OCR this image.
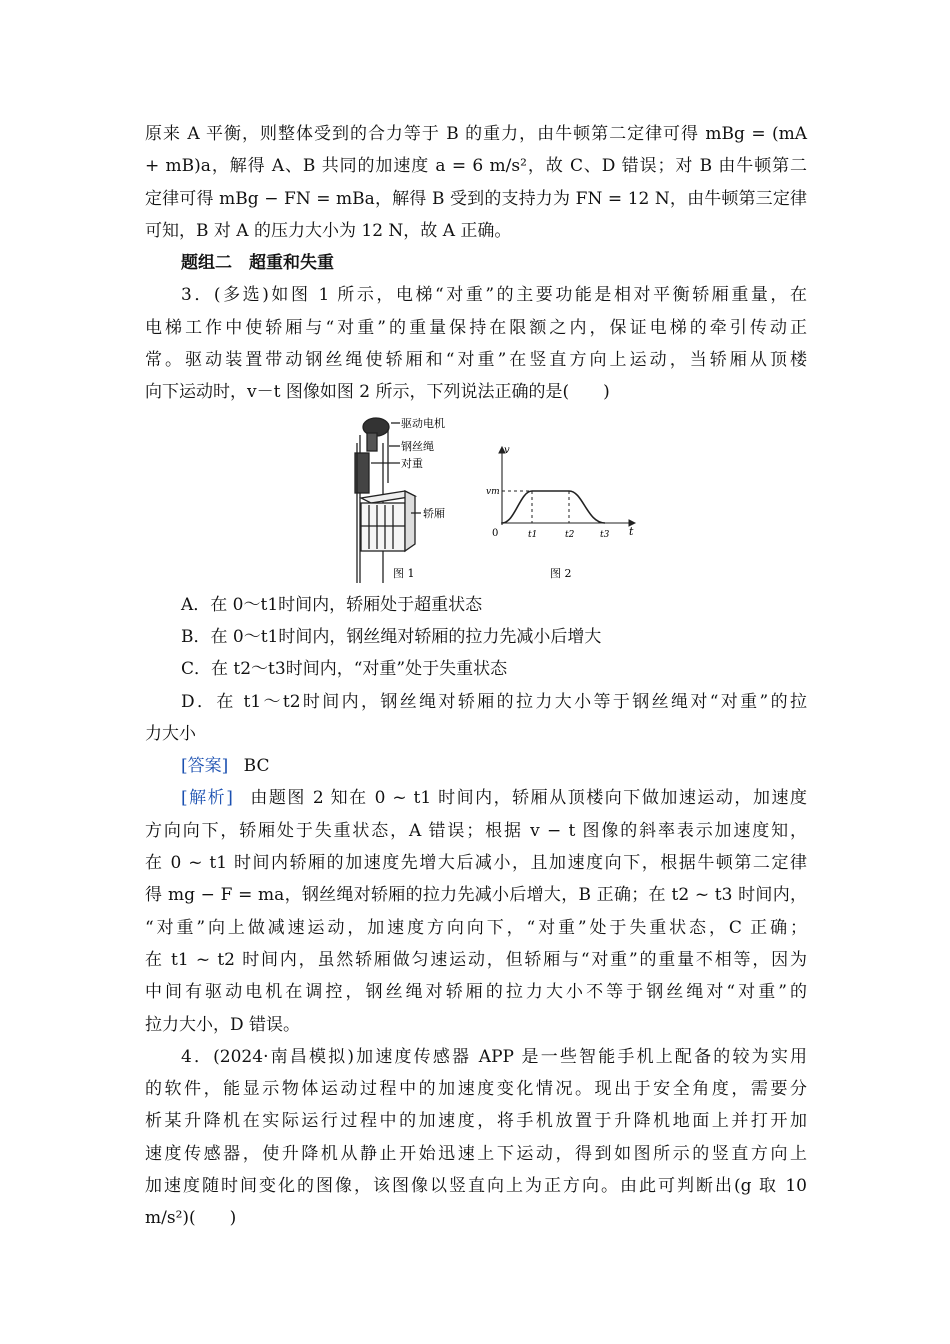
原来 A 平衡，则整体受到的合力等于 B 的重力，由牛顿第二定律可得 mBg = (mA
+ mB)a，解得 A、B 共同的加速度 a = 6 m/s²，故 C、D 错误；对 B 由牛顿第二
定律可得 mBg − FN = mBa，解得 B 受到的支持力为 FN = 12 N，由牛顿第三定律
可知，B 对 A 的压力大小为 12 N，故 A 正确。
题组二　超重和失重
3．(多选)如图 1 所示，电梯“对重”的主要功能是相对平衡轿厢重量，在
电梯工作中使轿厢与“对重”的重量保持在限额之内，保证电梯的牵引传动正
常。驱动装置带动钢丝绳使轿厢和“对重”在竖直方向上运动，当轿厢从顶楼
向下运动时，v－t 图像如图 2 所示，下列说法正确的是(　　)
驱动电机
钢丝绳
对重
轿厢
图 1
v
t
0
vm
t1	t2	t3
图 2
A．在 0～t1时间内，轿厢处于超重状态
B．在 0～t1时间内，钢丝绳对轿厢的拉力先减小后增大
C．在 t2～t3时间内，“对重”处于失重状态
D．在 t1～t2时间内，钢丝绳对轿厢的拉力大小等于钢丝绳对“对重”的拉
力大小
[答案] BC
[解析] 由题图 2 知在 0 ~ t1 时间内，轿厢从顶楼向下做加速运动，加速度
方向向下，轿厢处于失重状态，A 错误；根据 v − t 图像的斜率表示加速度知，
在 0 ~ t1 时间内轿厢的加速度先增大后减小，且加速度向下，根据牛顿第二定律
得 mg − F = ma，钢丝绳对轿厢的拉力先减小后增大，B 正确；在 t2 ~ t3 时间内，
“对重”向上做减速运动，加速度方向向下，“对重”处于失重状态，C 正确；
在 t1 ~ t2 时间内，虽然轿厢做匀速运动，但轿厢与“对重”的重量不相等，因为
中间有驱动电机在调控，钢丝绳对轿厢的拉力大小不等于钢丝绳对“对重”的
拉力大小，D 错误。
4．(2024·南昌模拟)加速度传感器 APP 是一些智能手机上配备的较为实用
的软件，能显示物体运动过程中的加速度变化情况。现出于安全角度，需要分
析某升降机在实际运行过程中的加速度，将手机放置于升降机地面上并打开加
速度传感器，使升降机从静止开始迅速上下运动，得到如图所示的竖直方向上
加速度随时间变化的图像，该图像以竖直向上为正方向。由此可判断出(g 取 10
m/s²)(　　)
